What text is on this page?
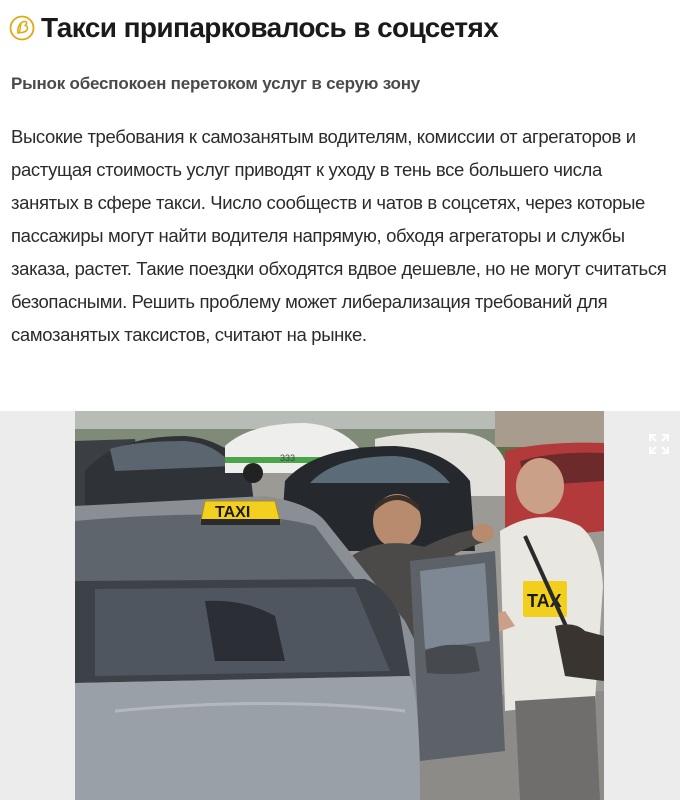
Такси припарковалось в соцсетях
Рынок обеспокоен перетоком услуг в серую зону

Высокие требования к самозанятым водителям, комиссии от агрегаторов и растущая стоимость услуг приводят к уходу в тень все большего числа занятых в сфере такси. Число сообществ и чатов в соцсетях, через которые пассажиры могут найти водителя напрямую, обходя агрегаторы и службы заказа, растет. Такие поездки обходятся вдвое дешевле, но не могут считаться безопасными. Решить проблему может либерализация требований для самозанятых таксистов, считают на рынке.

333
TAX
TAXI
